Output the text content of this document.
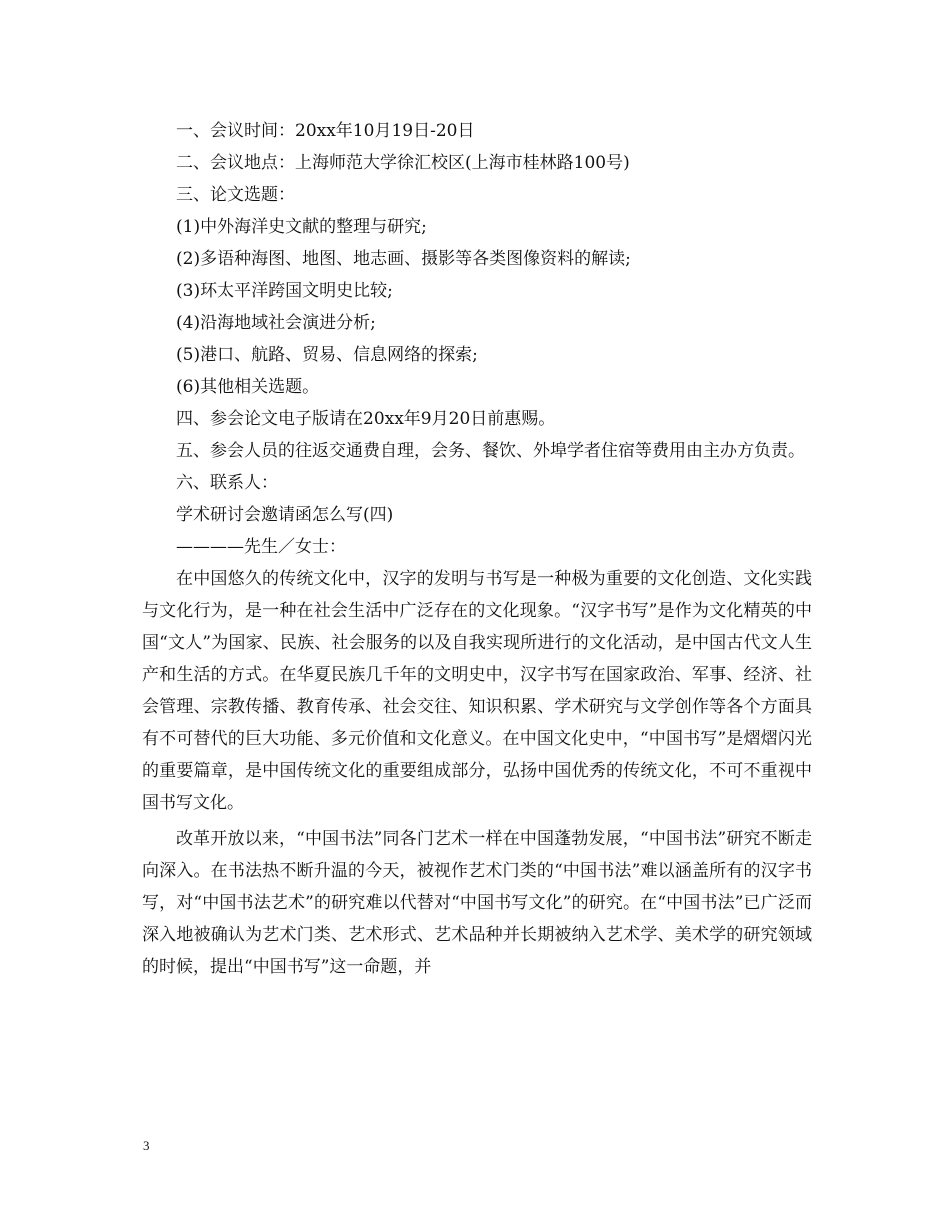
一、会议时间：20xx年10月19日-20日
二、会议地点：上海师范大学徐汇校区(上海市桂林路100号)
三、论文选题：
(1)中外海洋史文献的整理与研究;
(2)多语种海图、地图、地志画、摄影等各类图像资料的解读;
(3)环太平洋跨国文明史比较;
(4)沿海地域社会演进分析;
(5)港口、航路、贸易、信息网络的探索;
(6)其他相关选题。
四、参会论文电子版请在20xx年9月20日前惠赐。

五、参会人员的往返交通费自理，会务、餐饮、外埠学者住宿等费用由主办方负责。

六、联系人：
学术研讨会邀请函怎么写(四)
————先生／女士：

在中国悠久的传统文化中，汉字的发明与书写是一种极为重要的文化创造、文化实践与文化行为，是一种在社会生活中广泛存在的文化现象。“汉字书写”是作为文化精英的中国“文人”为国家、民族、社会服务的以及自我实现所进行的文化活动，是中国古代文人生产和生活的方式。在华夏民族几千年的文明史中，汉字书写在国家政治、军事、经济、社会管理、宗教传播、教育传承、社会交往、知识积累、学术研究与文学创作等各个方面具有不可替代的巨大功能、多元价值和文化意义。在中国文化史中，“中国书写”是熠熠闪光的重要篇章，是中国传统文化的重要组成部分，弘扬中国优秀的传统文化，不可不重视中国书写文化。

改革开放以来，“中国书法”同各门艺术一样在中国蓬勃发展，“中国书法”研究不断走向深入。在书法热不断升温的今天，被视作艺术门类的“中国书法”难以涵盖所有的汉字书写，对“中国书法艺术”的研究难以代替对“中国书写文化”的研究。在“中国书法”已广泛而深入地被确认为艺术门类、艺术形式、艺术品种并长期被纳入艺术学、美术学的研究领域的时候，提出“中国书写”这一命题，并

3
